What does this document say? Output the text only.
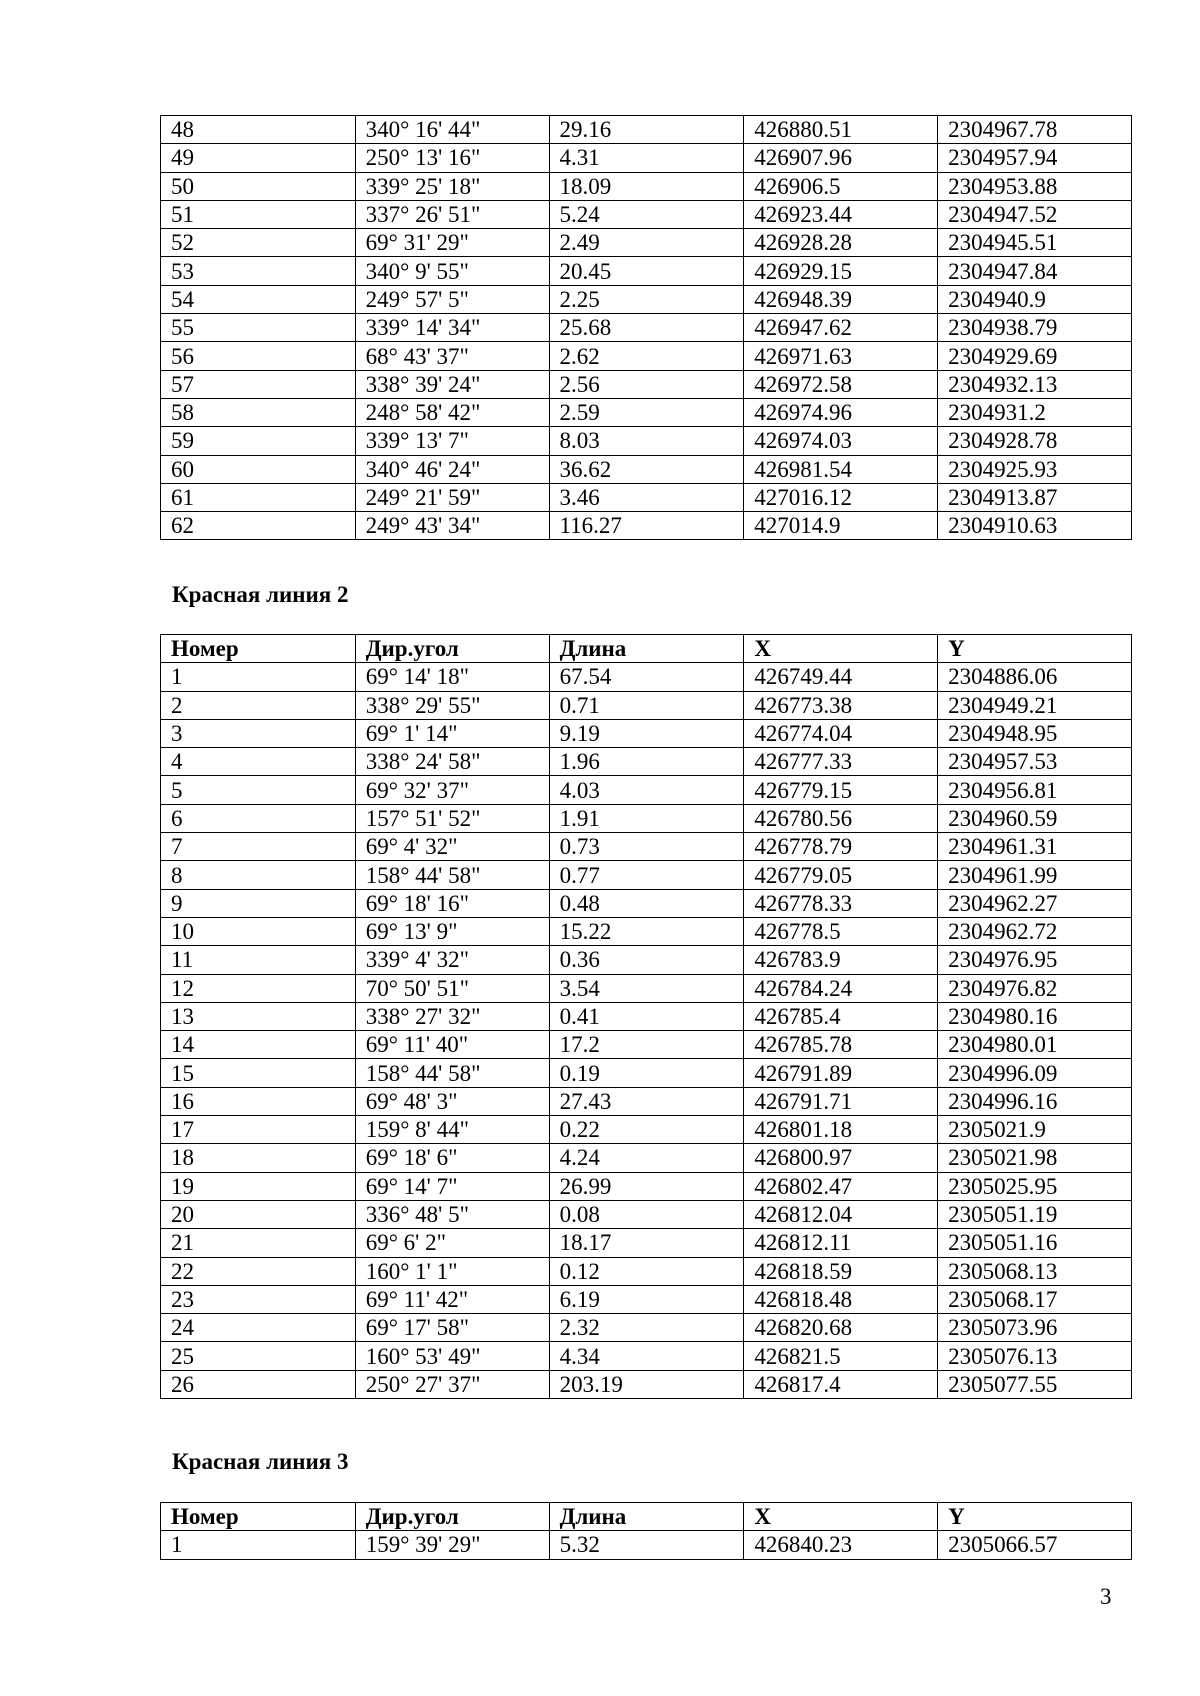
48	340° 16' 44"	29.16	426880.51	2304967.78
49	250° 13' 16"	4.31	426907.96	2304957.94
50	339° 25' 18"	18.09	426906.5	2304953.88
51	337° 26' 51"	5.24	426923.44	2304947.52
52	69° 31' 29"	2.49	426928.28	2304945.51
53	340° 9' 55"	20.45	426929.15	2304947.84
54	249° 57' 5"	2.25	426948.39	2304940.9
55	339° 14' 34"	25.68	426947.62	2304938.79
56	68° 43' 37"	2.62	426971.63	2304929.69
57	338° 39' 24"	2.56	426972.58	2304932.13
58	248° 58' 42"	2.59	426974.96	2304931.2
59	339° 13' 7"	8.03	426974.03	2304928.78
60	340° 46' 24"	36.62	426981.54	2304925.93
61	249° 21' 59"	3.46	427016.12	2304913.87
62	249° 43' 34"	116.27	427014.9	2304910.63
Красная линия 2
Номер	Дир.угол	Длина	X	Y
1	69° 14' 18"	67.54	426749.44	2304886.06
2	338° 29' 55"	0.71	426773.38	2304949.21
3	69° 1' 14"	9.19	426774.04	2304948.95
4	338° 24' 58"	1.96	426777.33	2304957.53
5	69° 32' 37"	4.03	426779.15	2304956.81
6	157° 51' 52"	1.91	426780.56	2304960.59
7	69° 4' 32"	0.73	426778.79	2304961.31
8	158° 44' 58"	0.77	426779.05	2304961.99
9	69° 18' 16"	0.48	426778.33	2304962.27
10	69° 13' 9"	15.22	426778.5	2304962.72
11	339° 4' 32"	0.36	426783.9	2304976.95
12	70° 50' 51"	3.54	426784.24	2304976.82
13	338° 27' 32"	0.41	426785.4	2304980.16
14	69° 11' 40"	17.2	426785.78	2304980.01
15	158° 44' 58"	0.19	426791.89	2304996.09
16	69° 48' 3"	27.43	426791.71	2304996.16
17	159° 8' 44"	0.22	426801.18	2305021.9
18	69° 18' 6"	4.24	426800.97	2305021.98
19	69° 14' 7"	26.99	426802.47	2305025.95
20	336° 48' 5"	0.08	426812.04	2305051.19
21	69° 6' 2"	18.17	426812.11	2305051.16
22	160° 1' 1"	0.12	426818.59	2305068.13
23	69° 11' 42"	6.19	426818.48	2305068.17
24	69° 17' 58"	2.32	426820.68	2305073.96
25	160° 53' 49"	4.34	426821.5	2305076.13
26	250° 27' 37"	203.19	426817.4	2305077.55
Красная линия 3
Номер	Дир.угол	Длина	X	Y
1	159° 39' 29"	5.32	426840.23	2305066.57
3
